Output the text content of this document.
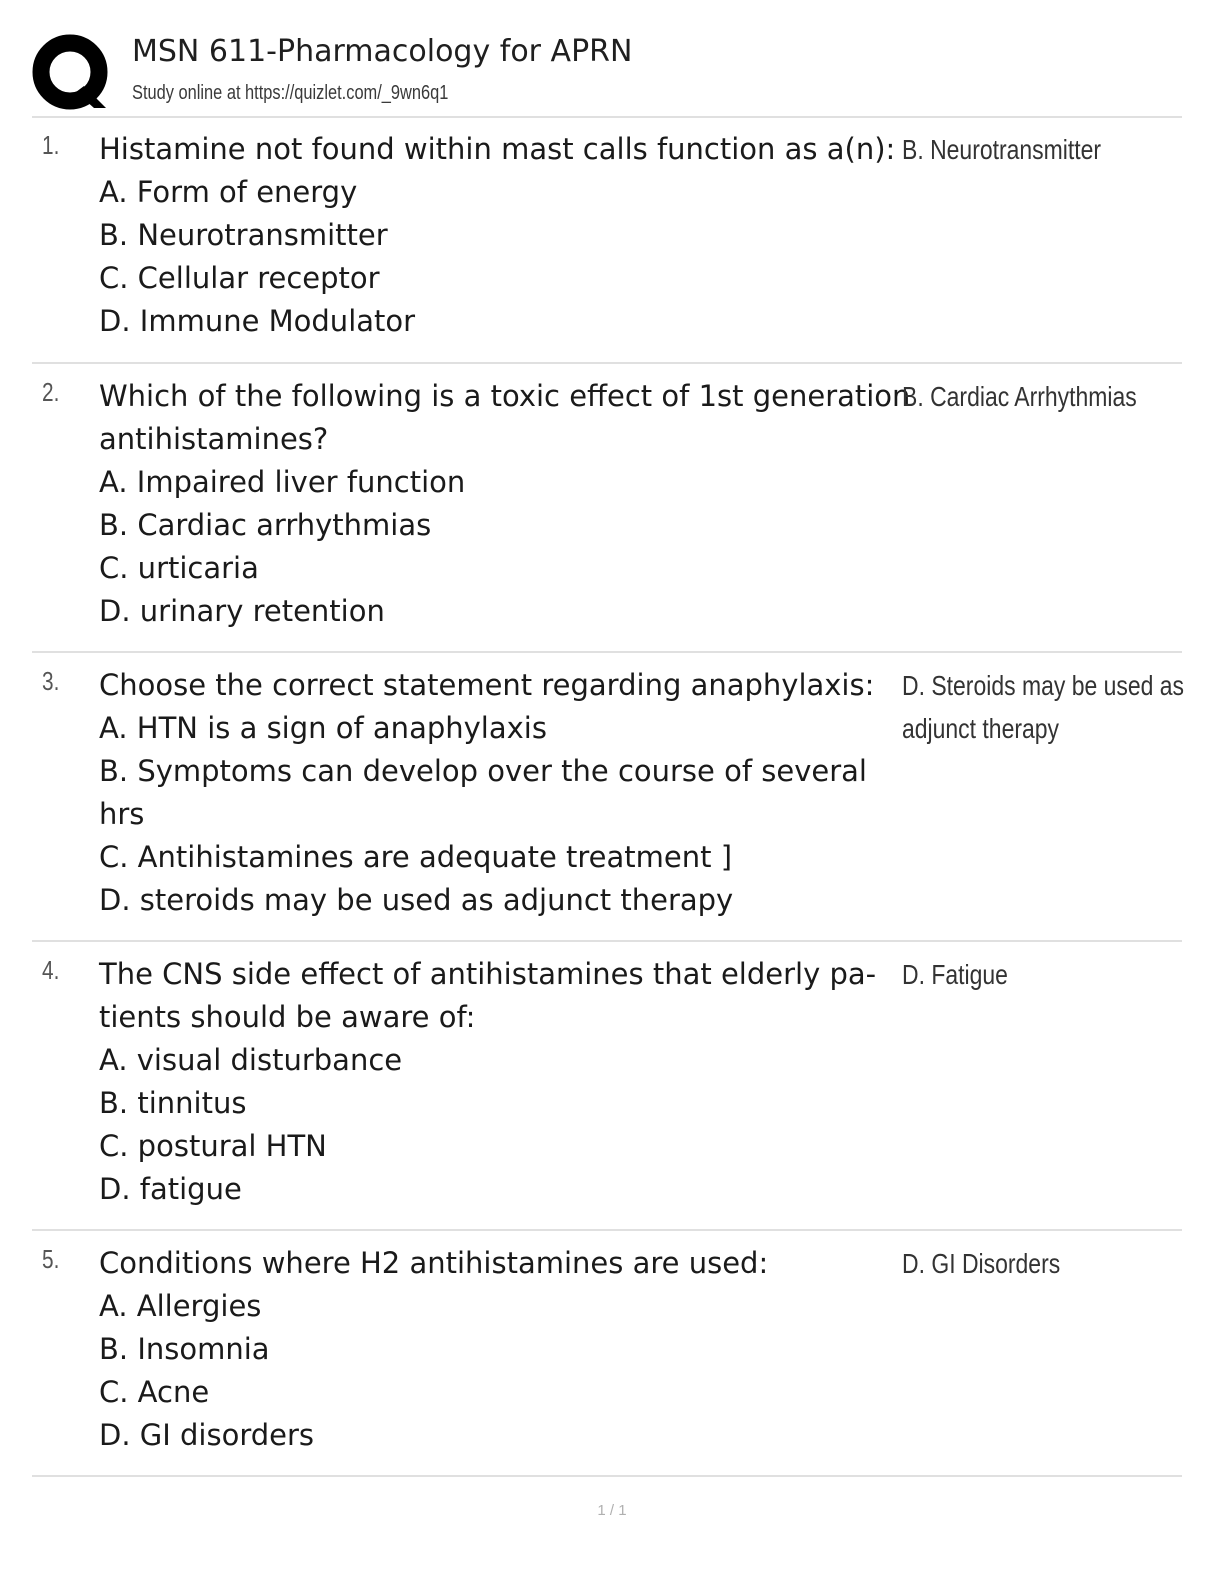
MSN 611-Pharmacology for APRN
Study online at https://quizlet.com/_9wn6q1
1. Histamine not found within mast calls function as a(n):
A. Form of energy
B. Neurotransmitter
C. Cellular receptor
D. Immune Modulator
B. Neurotransmitter
2. Which of the following is a toxic effect of 1st generation
antihistamines?
A. Impaired liver function
B. Cardiac arrhythmias
C. urticaria
D. urinary retention
B. Cardiac Arrhythmias
3. Choose the correct statement regarding anaphylaxis:
A. HTN is a sign of anaphylaxis
B. Symptoms can develop over the course of several
hrs
C. Antihistamines are adequate treatment ]
D. steroids may be used as adjunct therapy
D. Steroids may be used as
adjunct therapy
4. The CNS side effect of antihistamines that elderly pa-
tients should be aware of:
A. visual disturbance
B. tinnitus
C. postural HTN
D. fatigue
D. Fatigue
5. Conditions where H2 antihistamines are used:
A. Allergies
B. Insomnia
C. Acne
D. GI disorders
D. GI Disorders
1 / 1
